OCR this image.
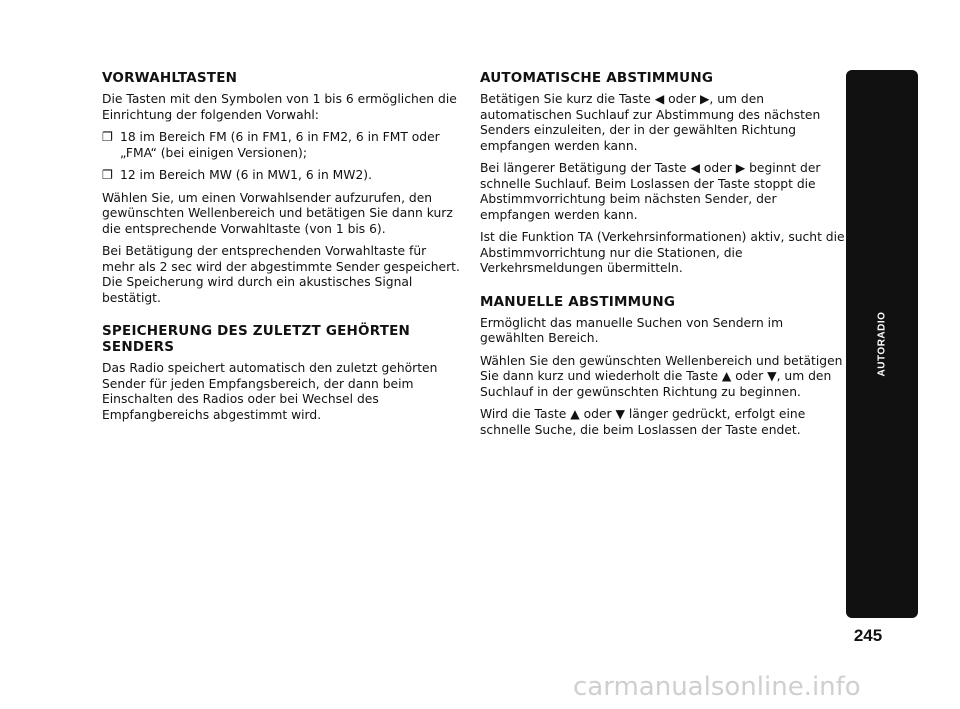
VORWAHLTASTEN

Die Tasten mit den Symbolen von 1 bis 6 ermöglichen die Einrichtung der folgenden Vorwahl:

❐ 18 im Bereich FM (6 in FM1, 6 in FM2, 6 in FMT oder „FMA“ (bei einigen Versionen);

❐ 12 im Bereich MW (6 in MW1, 6 in MW2).

Wählen Sie, um einen Vorwahlsender aufzurufen, den gewünschten Wellenbereich und betätigen Sie dann kurz die entsprechende Vorwahltaste (von 1 bis 6).

Bei Betätigung der entsprechenden Vorwahltaste für mehr als 2 sec wird der abgestimmte Sender gespeichert. Die Speicherung wird durch ein akustisches Signal bestätigt.

SPEICHERUNG DES ZULETZT GEHÖRTEN SENDERS

Das Radio speichert automatisch den zuletzt gehörten Sender für jeden Empfangsbereich, der dann beim Einschalten des Radios oder bei Wechsel des Empfangbereichs abgestimmt wird.

AUTOMATISCHE ABSTIMMUNG

Betätigen Sie kurz die Taste ◀ oder ▶, um den automatischen Suchlauf zur Abstimmung des nächsten Senders einzuleiten, der in der gewählten Richtung empfangen werden kann.

Bei längerer Betätigung der Taste ◀ oder ▶ beginnt der schnelle Suchlauf. Beim Loslassen der Taste stoppt die Abstimmvorrichtung beim nächsten Sender, der empfangen werden kann.

Ist die Funktion TA (Verkehrsinformationen) aktiv, sucht die Abstimmvorrichtung nur die Stationen, die Verkehrsmeldungen übermitteln.

MANUELLE ABSTIMMUNG

Ermöglicht das manuelle Suchen von Sendern im gewählten Bereich.

Wählen Sie den gewünschten Wellenbereich und betätigen Sie dann kurz und wiederholt die Taste ▲ oder ▼, um den Suchlauf in der gewünschten Richtung zu beginnen.

Wird die Taste ▲ oder ▼ länger gedrückt, erfolgt eine schnelle Suche, die beim Loslassen der Taste endet.

AUTORADIO
245
carmanualsonline.info
